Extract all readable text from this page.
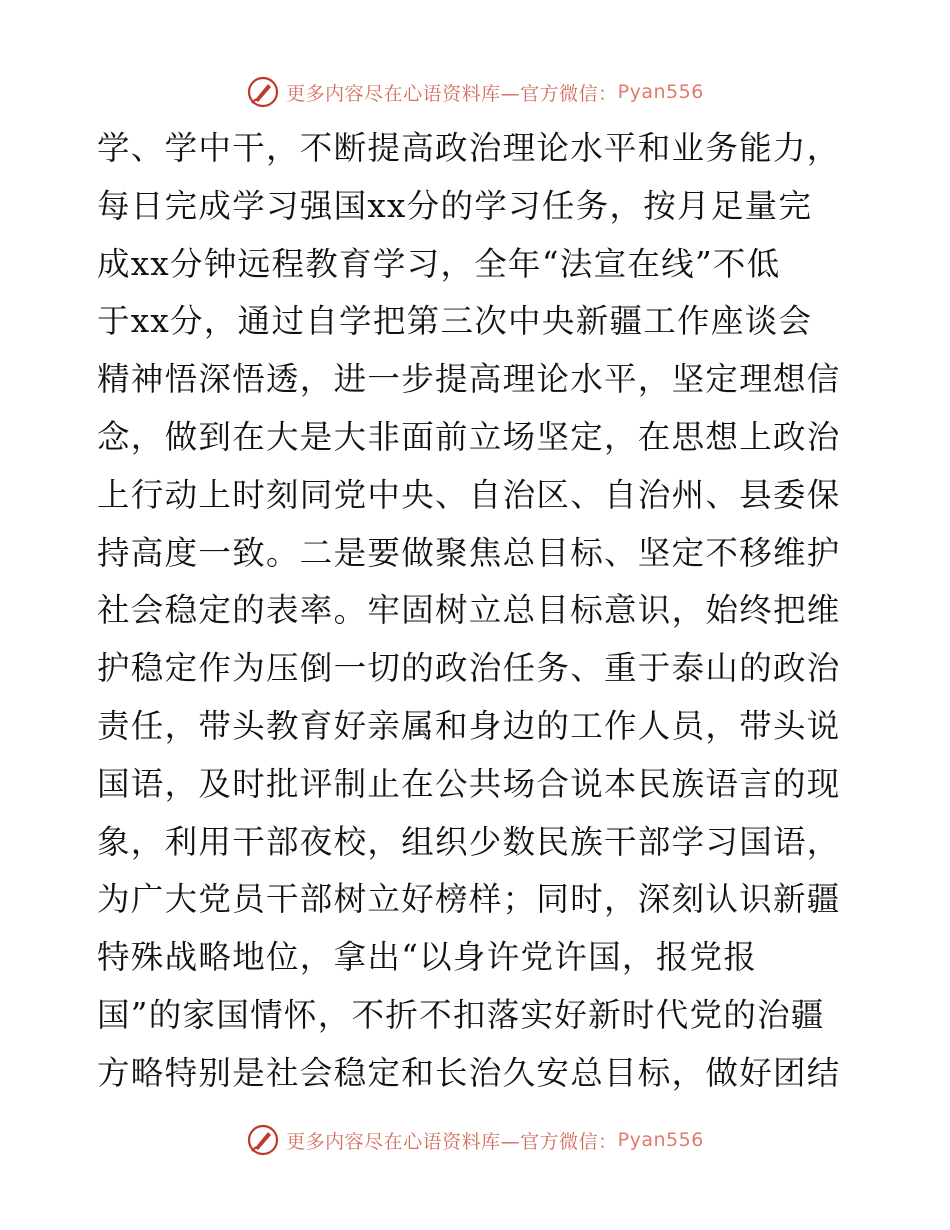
更多内容尽在心语资料库—官方微信： Pyan556
学、学中干，不断提高政治理论水平和业务能力，
每日完成学习强国xx分的学习任务，按月足量完
成xx分钟远程教育学习，全年“法宣在线”不低
于xx分，通过自学把第三次中央新疆工作座谈会
精神悟深悟透，进一步提高理论水平，坚定理想信
念，做到在大是大非面前立场坚定，在思想上政治
上行动上时刻同党中央、自治区、自治州、县委保
持高度一致。二是要做聚焦总目标、坚定不移维护
社会稳定的表率。牢固树立总目标意识，始终把维
护稳定作为压倒一切的政治任务、重于泰山的政治
责任，带头教育好亲属和身边的工作人员，带头说
国语，及时批评制止在公共场合说本民族语言的现
象，利用干部夜校，组织少数民族干部学习国语，
为广大党员干部树立好榜样；同时，深刻认识新疆
特殊战略地位，拿出“以身许党许国，报党报
国”的家国情怀，不折不扣落实好新时代党的治疆
方略特别是社会稳定和长治久安总目标，做好团结
更多内容尽在心语资料库—官方微信： Pyan556
